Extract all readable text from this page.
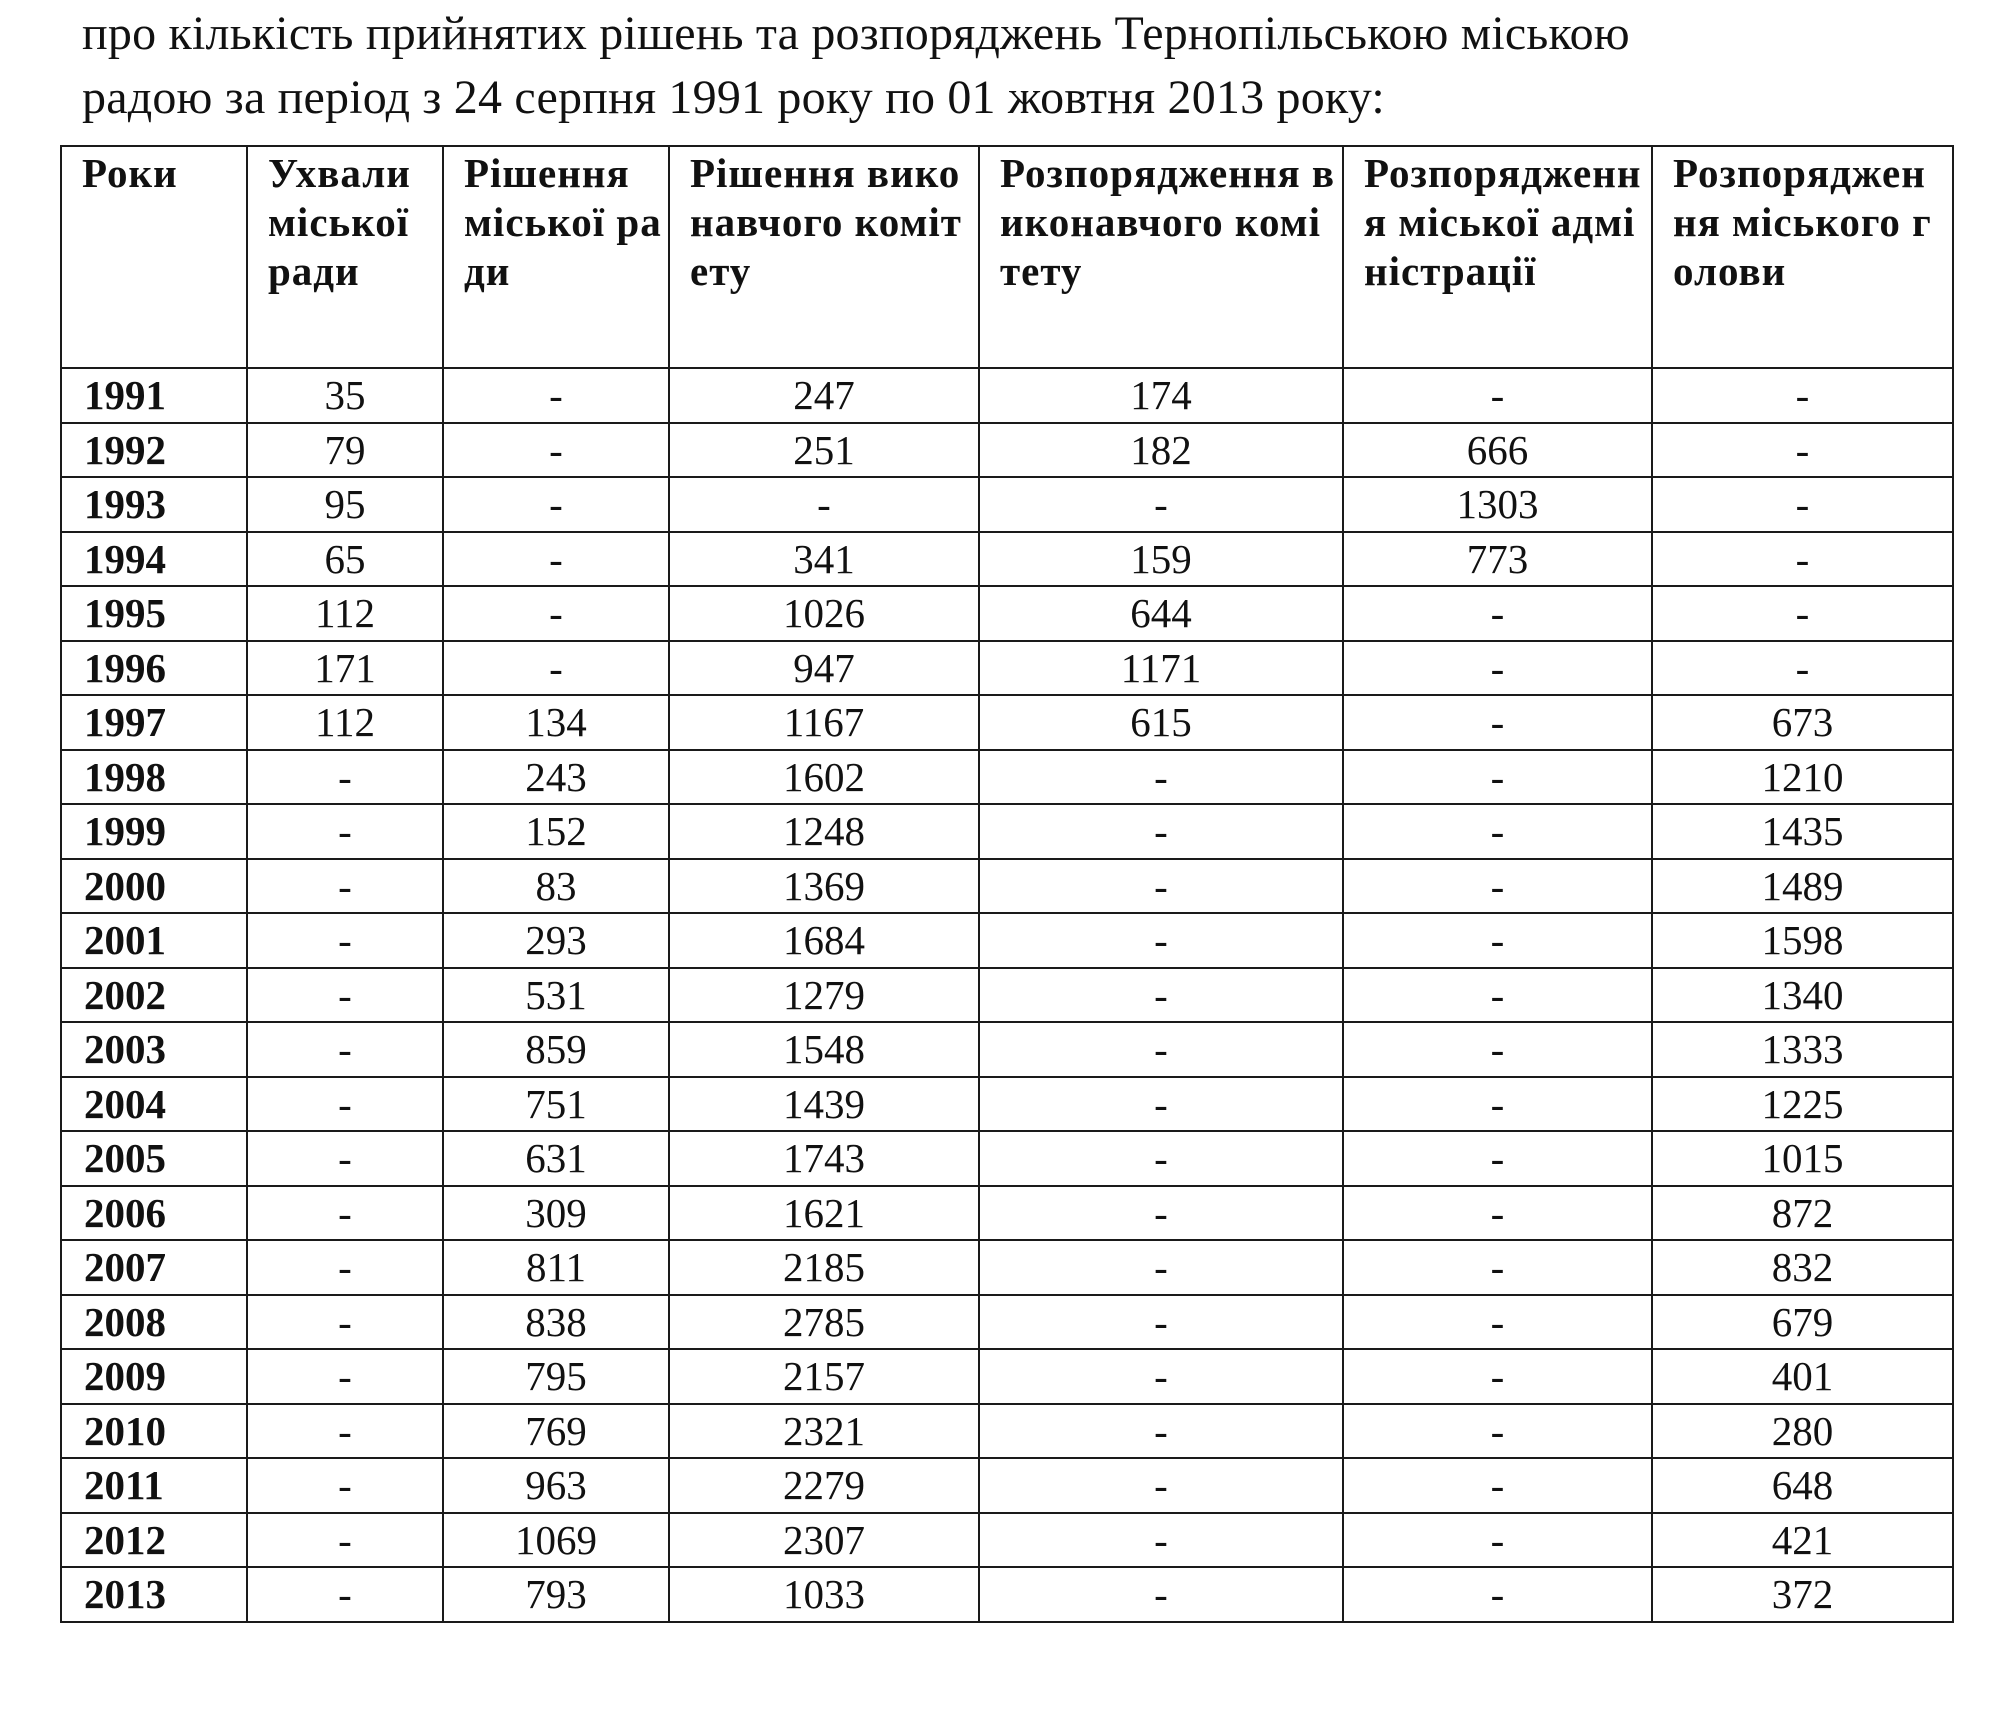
про кількість прийнятих рішень та розпоряджень Тернопільською міською
радою за період з 24 серпня 1991 року по 01 жовтня 2013 року:
Роки	Ухвали міської ради	Рішення міської ради	Рішення виконавчого комітету	Розпорядження виконавчого комітету	Розпорядження міської адміністрації	Розпорядження міського голови
1991	35	-	247	174	-	-
1992	79	-	251	182	666	-
1993	95	-	-	-	1303	-
1994	65	-	341	159	773	-
1995	112	-	1026	644	-	-
1996	171	-	947	1171	-	-
1997	112	134	1167	615	-	673
1998	-	243	1602	-	-	1210
1999	-	152	1248	-	-	1435
2000	-	83	1369	-	-	1489
2001	-	293	1684	-	-	1598
2002	-	531	1279	-	-	1340
2003	-	859	1548	-	-	1333
2004	-	751	1439	-	-	1225
2005	-	631	1743	-	-	1015
2006	-	309	1621	-	-	872
2007	-	811	2185	-	-	832
2008	-	838	2785	-	-	679
2009	-	795	2157	-	-	401
2010	-	769	2321	-	-	280
2011	-	963	2279	-	-	648
2012	-	1069	2307	-	-	421
2013	-	793	1033	-	-	372
